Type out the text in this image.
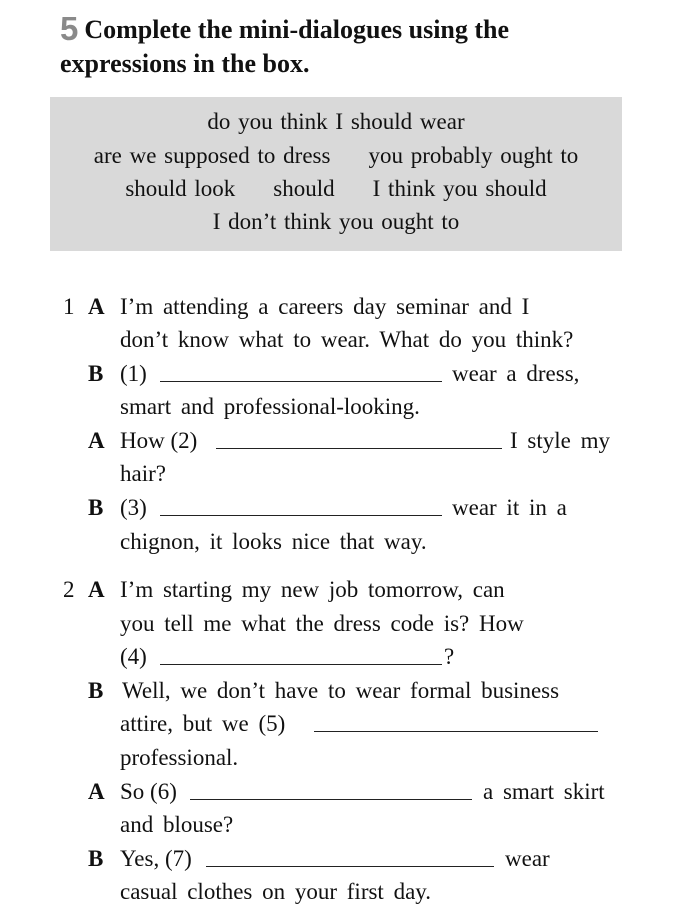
5 Complete the mini-dialogues using the
expressions in the box.
do you think I should wear
are we supposed to dress you probably ought to
should look should I think you should
I don’t think you ought to
1 A I’m attending a careers day seminar and I
don’t know what to wear. What do you think?
B (1)	wear a dress,
smart and professional-looking.
A How (2)	I style my
hair?
B (3)	wear it in a
chignon, it looks nice that way.
2 A I’m starting my new job tomorrow, can
you tell me what the dress code is? How
(4)	?
B Well, we don’t have to wear formal business
attire, but we (5)
professional.
A So (6)	a smart skirt
and blouse?
B Yes, (7)	wear
casual clothes on your first day.
